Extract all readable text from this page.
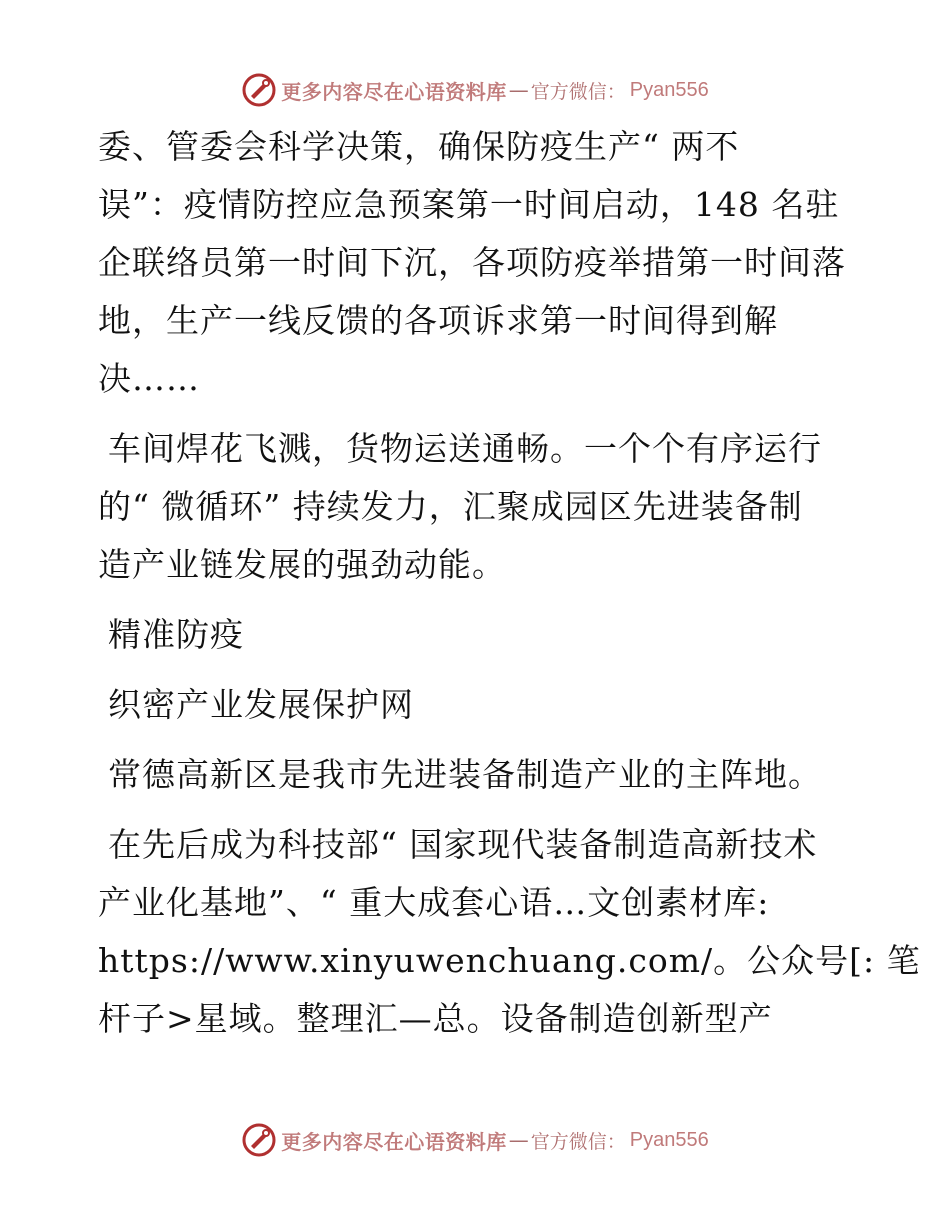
更多内容尽在心语资料库 — 官方微信： Pyan556
委、管委会科学决策，确保防疫生产“ 两不
误”：疫情防控应急预案第一时间启动，148 名驻
企联络员第一时间下沉，各项防疫举措第一时间落
地，生产一线反馈的各项诉求第一时间得到解
决……
车间焊花飞溅，货物运送通畅。一个个有序运行
的“ 微循环” 持续发力，汇聚成园区先进装备制
造产业链发展的强劲动能。
精准防疫
织密产业发展保护网
常德高新区是我市先进装备制造产业的主阵地。
在先后成为科技部“ 国家现代装备制造高新技术
产业化基地”、“ 重大成套心语…文创素材库:
https://www.xinyuwenchuang.com/。公众号[: 笔
杆子>星域。整理汇—总。设备制造创新型产
更多内容尽在心语资料库 — 官方微信： Pyan556
